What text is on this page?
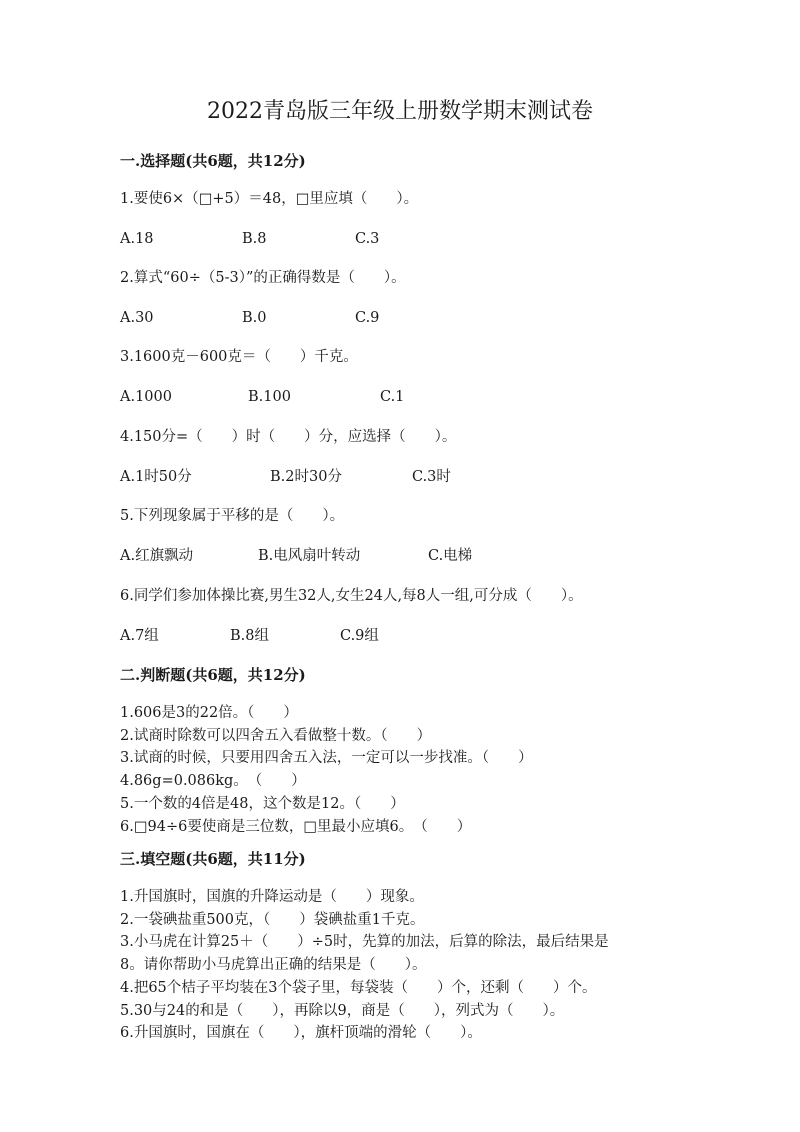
2022青岛版三年级上册数学期末测试卷
一.选择题(共6题，共12分)
1.要使6×（□+5）＝48，□里应填（　　）。
A.18	B.8	C.3
2.算式“60÷（5-3）”的正确得数是（　　）。
A.30	B.0	C.9
3.1600克－600克＝（　　）千克。
A.1000	B.100	C.1
4.150分=（　　）时（　　）分，应选择（　　）。
A.1时50分	B.2时30分	C.3时
5.下列现象属于平移的是（　　）。
A.红旗飘动	B.电风扇叶转动	C.电梯
6.同学们参加体操比赛,男生32人,女生24人,每8人一组,可分成（　　）。
A.7组	B.8组	C.9组
二.判断题(共6题，共12分)
1.606是3的22倍。（　　）
2.试商时除数可以四舍五入看做整十数。（　　）
3.试商的时候，只要用四舍五入法，一定可以一步找准。（　　）
4.86g=0.086kg。　（　　）
5.一个数的4倍是48，这个数是12。（　　）
6.□94÷6要使商是三位数，□里最小应填6。　（　　）
三.填空题(共6题，共11分)
1.升国旗时，国旗的升降运动是（　　）现象。
2.一袋碘盐重500克，（　　）袋碘盐重1千克。
3.小马虎在计算25＋（　　）÷5时，先算的加法，后算的除法，最后结果是
8。请你帮助小马虎算出正确的结果是（　　）。
4.把65个桔子平均装在3个袋子里，每袋装（　　）个，还剩（　　）个。
5.30与24的和是（　　），再除以9，商是（　　），列式为（　　）。
6.升国旗时，国旗在（　　），旗杆顶端的滑轮（　　）。
